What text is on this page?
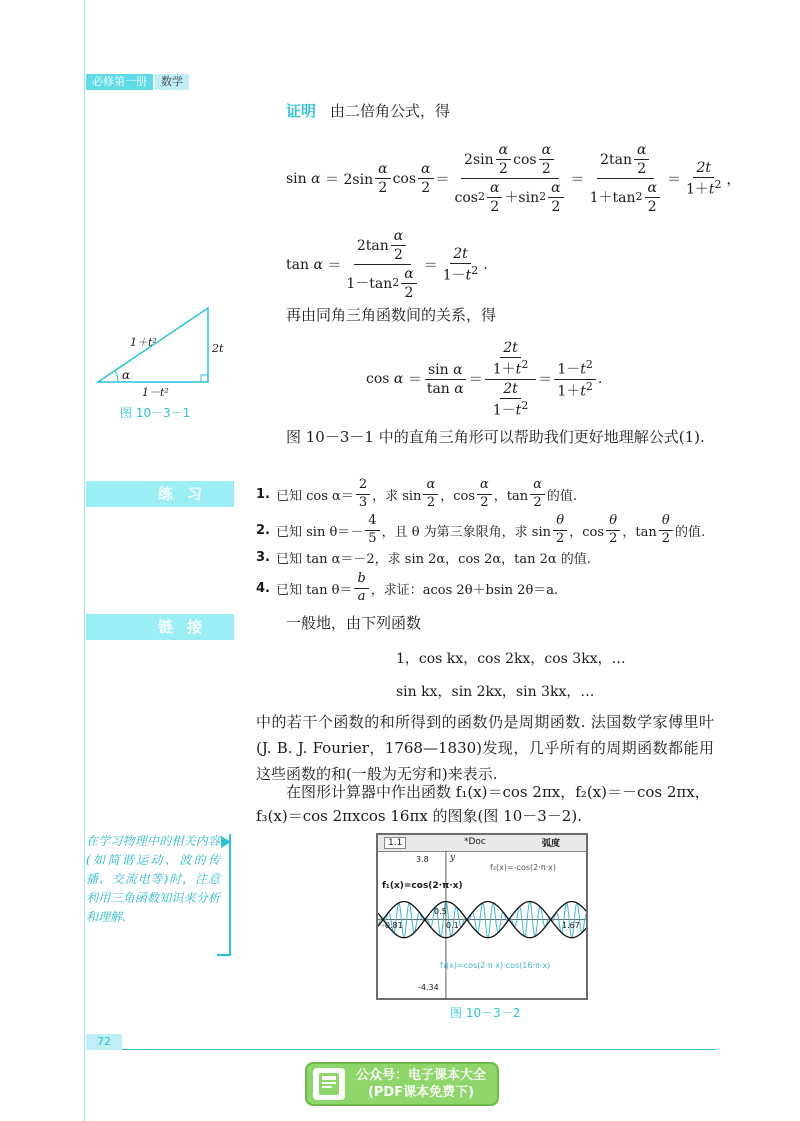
必修第一册	数学
证明 由二倍角公式，得
$\sin \alpha = 2\sin \frac{\alpha}{2}$ $\cos \frac{\alpha}{2} = \frac{2\sin \frac{\alpha}{2} \cos \frac{\alpha}{2}}{\cos 2 \frac{\alpha}{2} +\sin 2 \frac{\alpha}{2}} = \frac{2\tan \frac{\alpha}{2}}{1+\tan 2 \frac{\alpha}{2}} = \frac{2t}{1+t^2}$ ，
$\tan \alpha = \frac{2\tan \frac{\alpha}{2}}{1-\tan 2 \frac{\alpha}{2}} = \frac{2t}{1-t^2}$ .
再由同角三角函数间的关系，得
$\cos \alpha = \frac{\text{sin α}}{\text{tan α}} = \frac{\frac{2t}{1+t^2}}{\frac{2t}{1-t^2}} = \frac{1-t^2}{1+t^2}$ .
1＋t²	2t
1－t²
α
图 10－3－1
图 10－3－1 中的直角三角形可以帮助我们更好地理解公式(1).
练习	1. 已知 $\cos \alpha= \frac{2}{3}$ ，求 $\sin \frac{\alpha}{2}$ ，$\cos \frac{\alpha}{2}$ ，$\tan \frac{\alpha}{2}$ 的值.
2. 已知 $\sin \theta=- \frac{4}{5}$ ，且 θ 为第三象限角，求 $\sin \frac{\theta}{2}$ ，$\cos \frac{\theta}{2}$ ，$\tan \frac{\theta}{2}$ 的值.
3. 已知 tan α＝－2，求 sin 2α，cos 2α，tan 2α 的值.
4. 已知 $\tan \theta= \frac{b}{a}$ ，求证：acos 2θ＋bsin 2θ＝a.
链接	一般地，由下列函数
1，cos kx，cos 2kx，cos 3kx，…
sin kx，sin 2kx，sin 3kx，…
中的若干个函数的和所得到的函数仍是周期函数. 法国数学家傅里叶(J. B. J. Fourier，1768—1830)发现，几乎所有的周期函数都能用这些函数的和(一般为无穷和)来表示.
在图形计算器中作出函数 f₁(x)＝cos 2πx，f₂(x)＝－cos 2πx，
f₃(x)＝cos 2πxcos 16πx 的图象(图 10－3－2).
在学习物理中的相关内容(如简谐运动、波的传播、交流电等)时，注意利用三角函数知识来分析和理解.
1.1	*Doc	弧度
3.8 y
f₁(x)=cos(2·π·x)
f₂(x)=-cos(2·π·x)
0.5
-0.81	0.1	1.67
f₃(x)=cos(2·π·x)·cos(16·π·x)
-4.34
图 10－3－2
72
公众号：电子课本大全
(PDF课本免费下)
